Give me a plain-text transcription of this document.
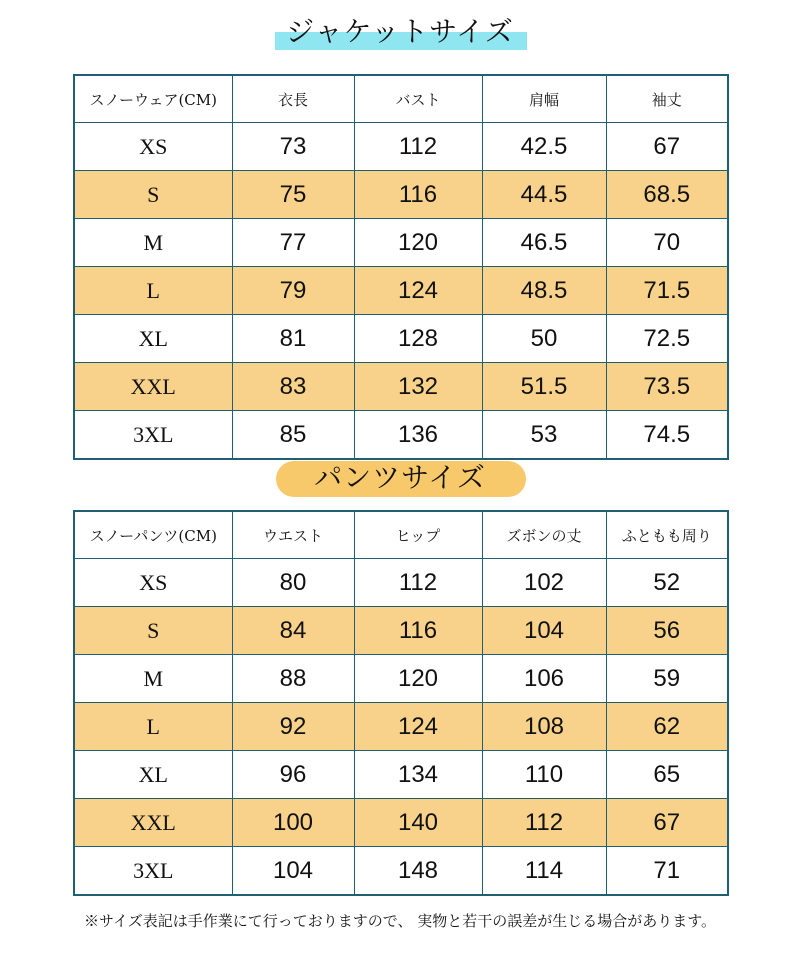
ジャケットサイズ
スノーウェア(CM)	衣長	バスト	肩幅	袖丈
XS	73	112	42.5	67
S	75	116	44.5	68.5
M	77	120	46.5	70
L	79	124	48.5	71.5
XL	81	128	50	72.5
XXL	83	132	51.5	73.5
3XL	85	136	53	74.5
パンツサイズ
スノーパンツ(CM)	ウエスト	ヒップ	ズボンの丈	ふともも周り
XS	80	112	102	52
S	84	116	104	56
M	88	120	106	59
L	92	124	108	62
XL	96	134	110	65
XXL	100	140	112	67
3XL	104	148	114	71
※サイズ表記は手作業にて行っておりますので、 実物と若干の誤差が生じる場合があります。
